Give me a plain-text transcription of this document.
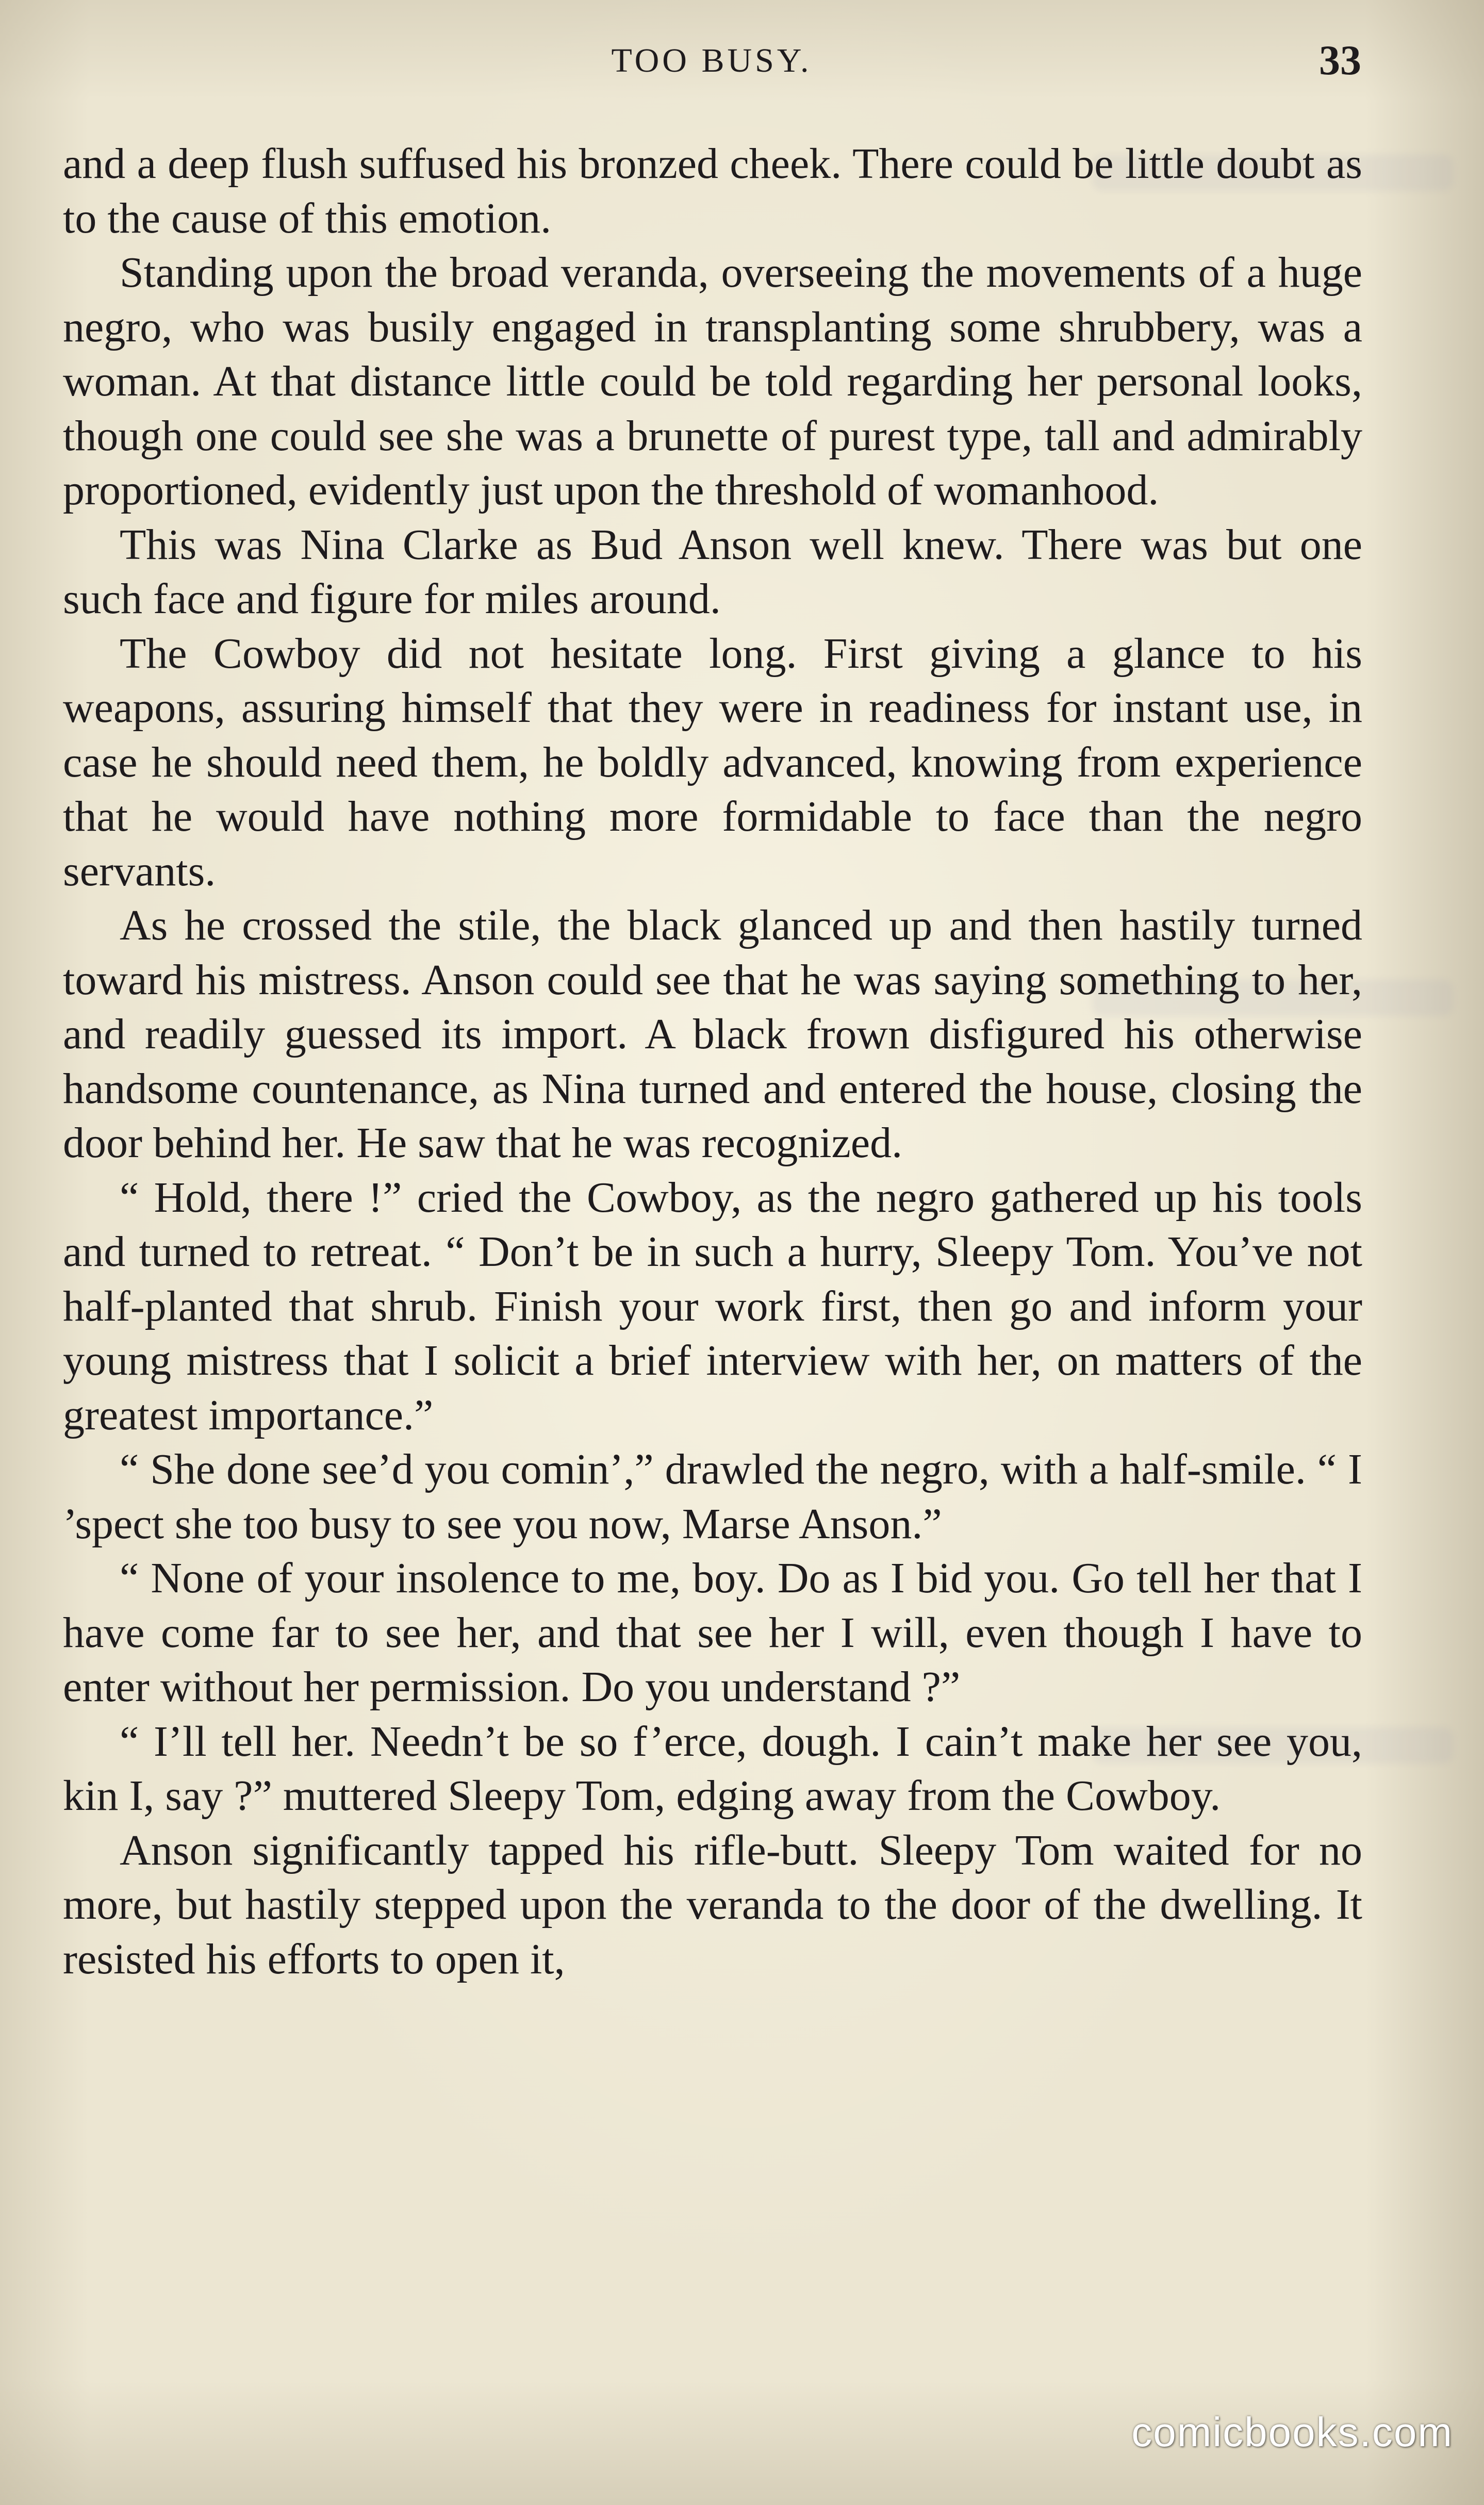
TOO BUSY.	33

and a deep flush suffused his bronzed cheek. There could be little doubt as to the cause of this emotion.

Standing upon the broad veranda, overseeing the movements of a huge negro, who was busily engaged in transplanting some shrubbery, was a woman. At that distance little could be told regarding her personal looks, though one could see she was a brunette of purest type, tall and admirably proportioned, evidently just upon the threshold of womanhood.

This was Nina Clarke as Bud Anson well knew. There was but one such face and figure for miles around.

The Cowboy did not hesitate long. First giving a glance to his weapons, assuring himself that they were in readiness for instant use, in case he should need them, he boldly advanced, knowing from experience that he would have nothing more formidable to face than the negro servants.

As he crossed the stile, the black glanced up and then hastily turned toward his mistress. Anson could see that he was saying something to her, and readily guessed its import. A black frown disfigured his otherwise handsome countenance, as Nina turned and entered the house, closing the door behind her. He saw that he was recognized.

“ Hold, there !” cried the Cowboy, as the negro gathered up his tools and turned to retreat. “ Don’t be in such a hurry, Sleepy Tom. You’ve not half-planted that shrub. Finish your work first, then go and inform your young mistress that I solicit a brief interview with her, on matters of the greatest importance.”

“ She done see’d you comin’,” drawled the negro, with a half-smile. “ I ’spect she too busy to see you now, Marse Anson.”

“ None of your insolence to me, boy. Do as I bid you. Go tell her that I have come far to see her, and that see her I will, even though I have to enter without her permission. Do you understand ?”

“ I’ll tell her. Needn’t be so f’erce, dough. I cain’t make her see you, kin I, say ?” muttered Sleepy Tom, edging away from the Cowboy.

Anson significantly tapped his rifle-butt. Sleepy Tom waited for no more, but hastily stepped upon the veranda to the door of the dwelling. It resisted his efforts to open it,

comicbooks.com
